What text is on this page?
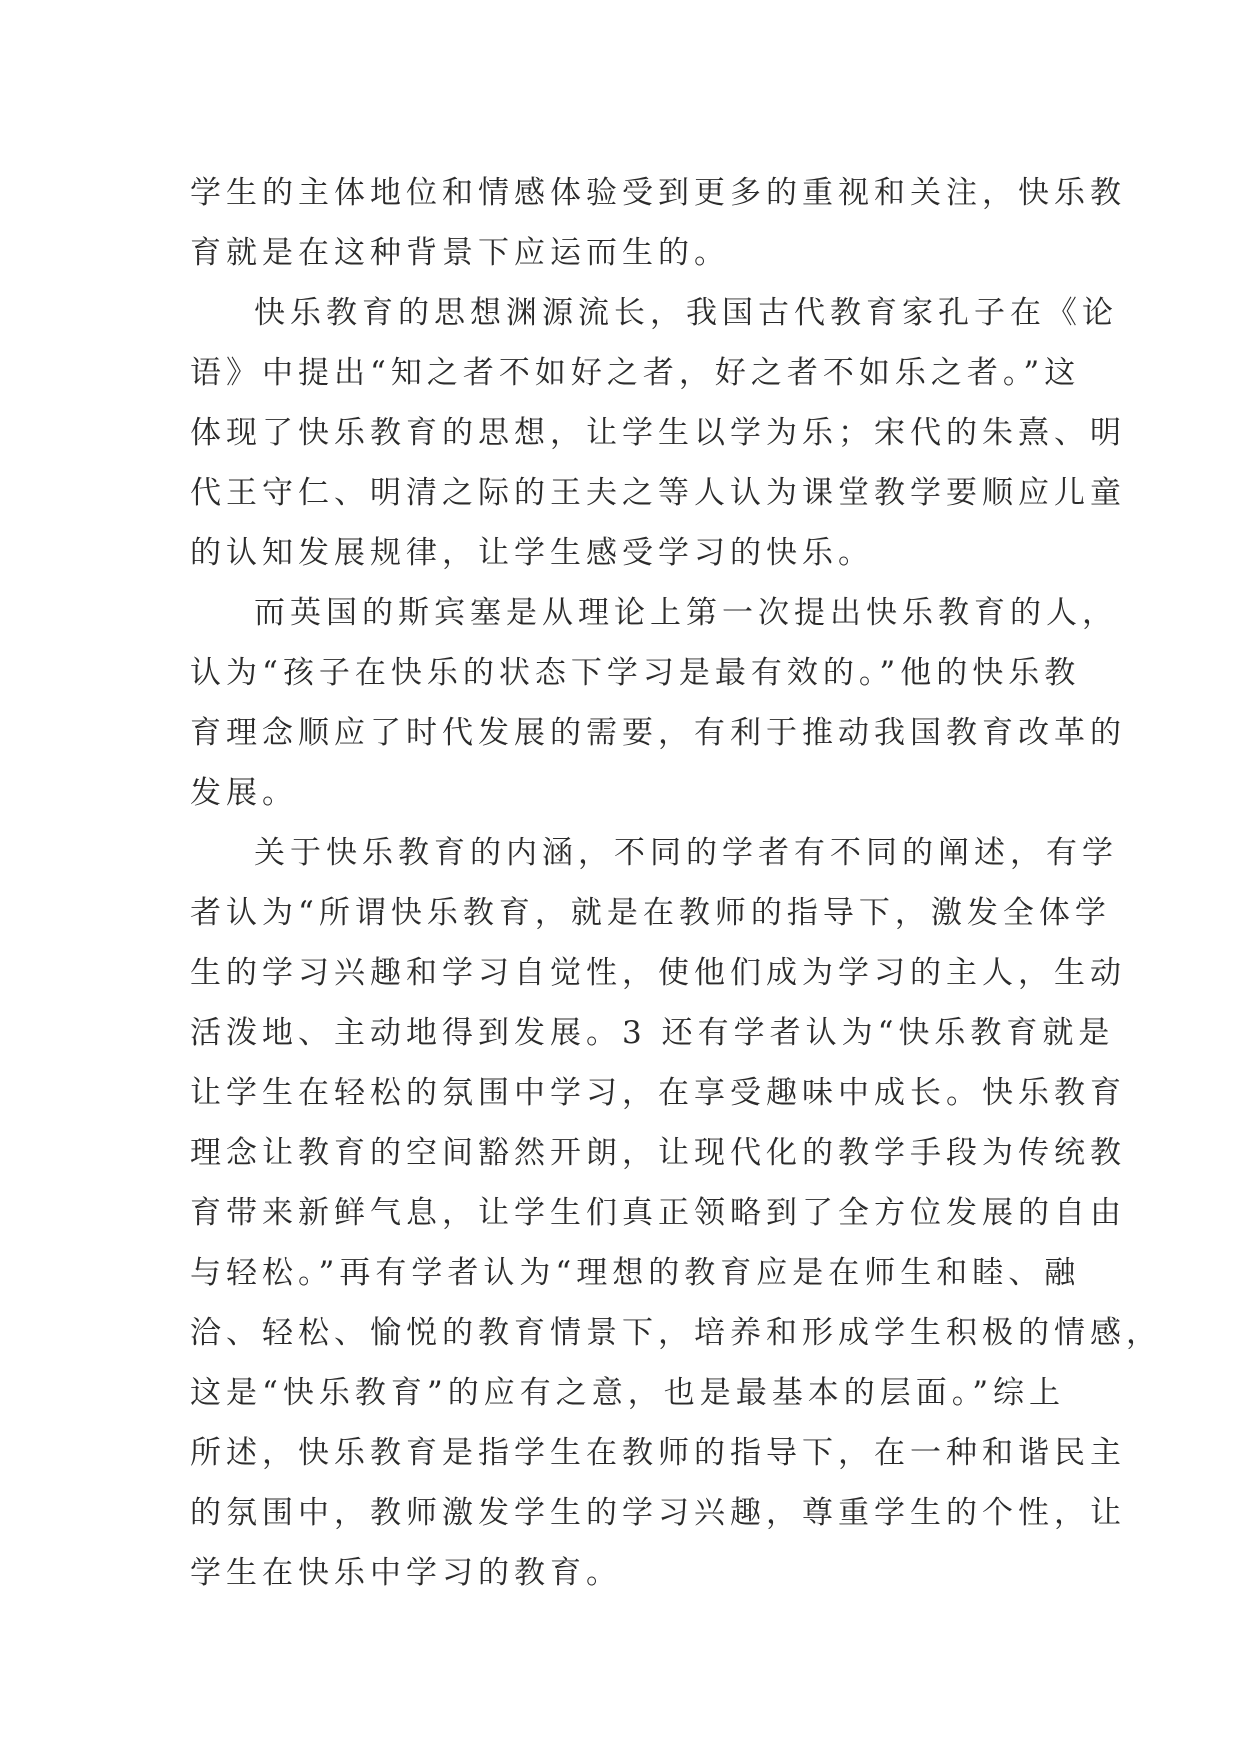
学生的主体地位和情感体验受到更多的重视和关注，快乐教
育就是在这种背景下应运而生的。
快乐教育的思想渊源流长，我国古代教育家孔子在《论
语》中提出“知之者不如好之者，好之者不如乐之者。”这
体现了快乐教育的思想，让学生以学为乐；宋代的朱熹、明
代王守仁、明清之际的王夫之等人认为课堂教学要顺应儿童
的认知发展规律，让学生感受学习的快乐。
而英国的斯宾塞是从理论上第一次提出快乐教育的人，
认为“孩子在快乐的状态下学习是最有效的。”他的快乐教
育理念顺应了时代发展的需要，有利于推动我国教育改革的
发展。
关于快乐教育的内涵，不同的学者有不同的阐述，有学
者认为“所谓快乐教育，就是在教师的指导下，激发全体学
生的学习兴趣和学习自觉性，使他们成为学习的主人，生动
活泼地、主动地得到发展。3 还有学者认为“快乐教育就是
让学生在轻松的氛围中学习，在享受趣味中成长。快乐教育
理念让教育的空间豁然开朗，让现代化的教学手段为传统教
育带来新鲜气息，让学生们真正领略到了全方位发展的自由
与轻松。”再有学者认为“理想的教育应是在师生和睦、融
洽、轻松、愉悦的教育情景下，培养和形成学生积极的情感，
这是“快乐教育”的应有之意，也是最基本的层面。”综上
所述，快乐教育是指学生在教师的指导下，在一种和谐民主
的氛围中，教师激发学生的学习兴趣，尊重学生的个性，让
学生在快乐中学习的教育。
